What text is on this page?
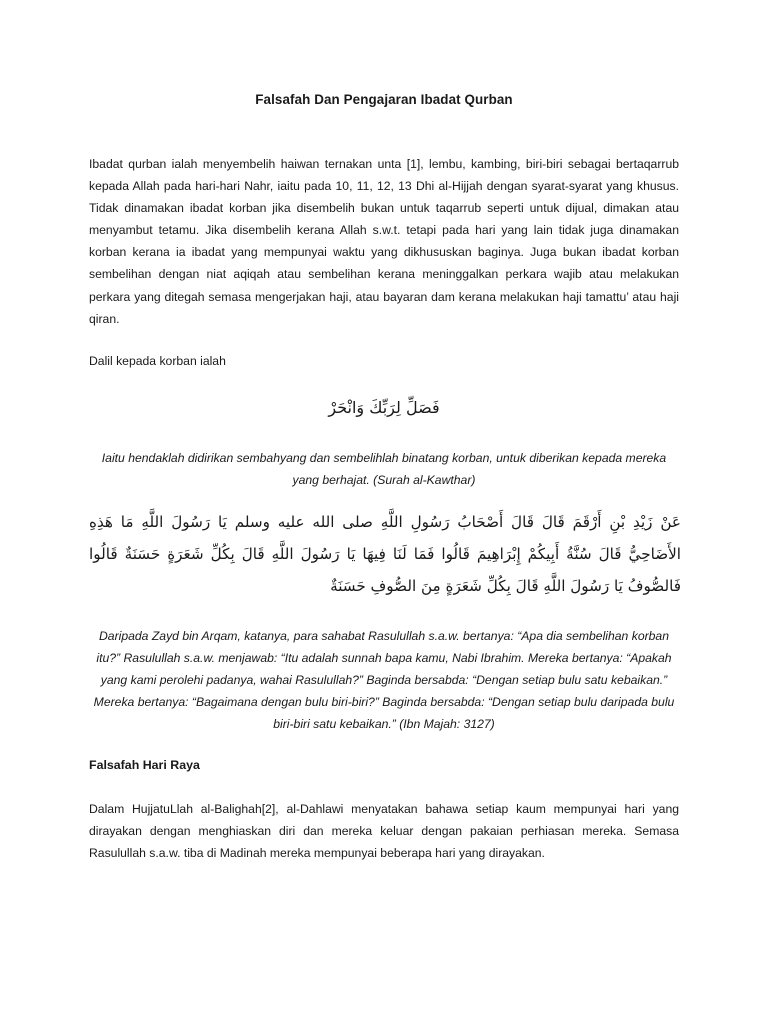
Falsafah Dan Pengajaran Ibadat Qurban

Ibadat qurban ialah menyembelih haiwan ternakan unta [1], lembu, kambing, biri-biri sebagai bertaqarrub kepada Allah pada hari-hari Nahr, iaitu pada 10, 11, 12, 13 Dhi al-Hijjah dengan syarat-syarat yang khusus. Tidak dinamakan ibadat korban jika disembelih bukan untuk taqarrub seperti untuk dijual, dimakan atau menyambut tetamu. Jika disembelih kerana Allah s.w.t. tetapi pada hari yang lain tidak juga dinamakan korban kerana ia ibadat yang mempunyai waktu yang dikhususkan baginya. Juga bukan ibadat korban sembelihan dengan niat aqiqah atau sembelihan kerana meninggalkan perkara wajib atau melakukan perkara yang ditegah semasa mengerjakan haji, atau bayaran dam kerana melakukan haji tamattu’ atau haji qiran.

Dalil kepada korban ialah

فَصَلِّ لِرَبِّكَ وَانْحَرْ

Iaitu hendaklah didirikan sembahyang dan sembelihlah binatang korban, untuk diberikan kepada mereka yang berhajat. (Surah al-Kawthar)

عَنْ زَيْدِ بْنِ أَرْقَمَ قَالَ قَالَ أَصْحَابُ رَسُولِ اللَّهِ صلى الله عليه وسلم يَا رَسُولَ اللَّهِ مَا هَذِهِ الأَضَاحِيُّ قَالَ سُنَّةُ أَبِيكُمْ إِبْرَاهِيمَ قَالُوا فَمَا لَنَا فِيهَا يَا رَسُولَ اللَّهِ قَالَ بِكُلِّ شَعَرَةٍ حَسَنَةٌ قَالُوا فَالصُّوفُ يَا رَسُولَ اللَّهِ قَالَ بِكُلِّ شَعَرَةٍ مِنَ الصُّوفِ حَسَنَةٌ

Daripada Zayd bin Arqam, katanya, para sahabat Rasulullah s.a.w. bertanya: “Apa dia sembelihan korban itu?” Rasulullah s.a.w. menjawab: “Itu adalah sunnah bapa kamu, Nabi Ibrahim. Mereka bertanya: “Apakah yang kami perolehi padanya, wahai Rasulullah?” Baginda bersabda: “Dengan setiap bulu satu kebaikan.” Mereka bertanya: “Bagaimana dengan bulu biri-biri?” Baginda bersabda: “Dengan setiap bulu daripada bulu biri-biri satu kebaikan.” (Ibn Majah: 3127)

Falsafah Hari Raya

Dalam HujjatuLlah al-Balighah[2], al-Dahlawi menyatakan bahawa setiap kaum mempunyai hari yang dirayakan dengan menghiaskan diri dan mereka keluar dengan pakaian perhiasan mereka. Semasa Rasulullah s.a.w. tiba di Madinah mereka mempunyai beberapa hari yang dirayakan.
